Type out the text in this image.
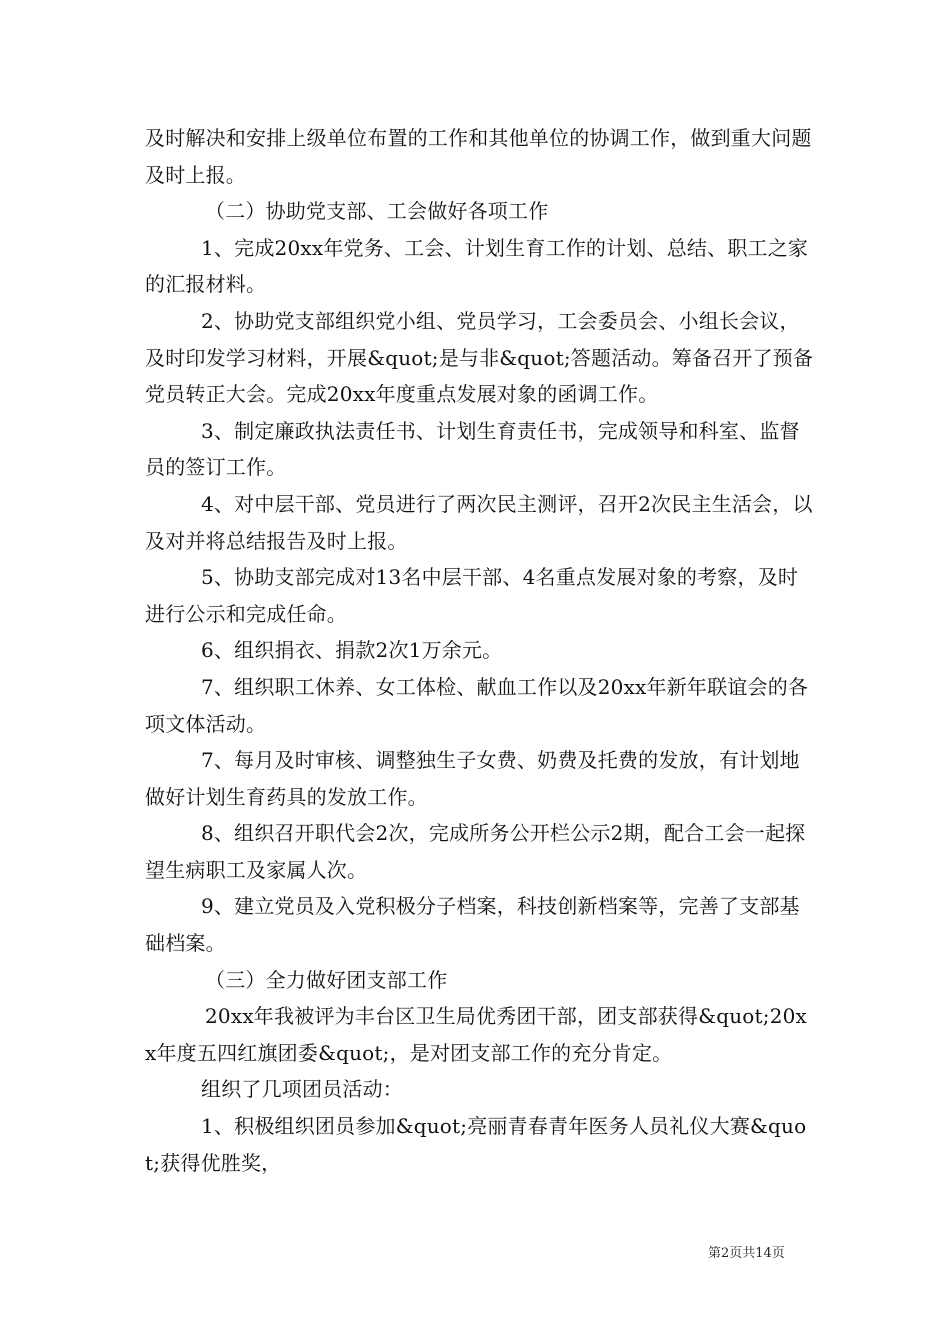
及时解决和安排上级单位布置的工作和其他单位的协调工作，做到重大问题及时上报。

（二）协助党支部、工会做好各项工作

1、完成20xx年党务、工会、计划生育工作的计划、总结、职工之家的汇报材料。

2、协助党支部组织党小组、党员学习，工会委员会、小组长会议，及时印发学习材料，开展&quot;是与非&quot;答题活动。筹备召开了预备党员转正大会。完成20xx年度重点发展对象的函调工作。

3、制定廉政执法责任书、计划生育责任书，完成领导和科室、监督员的签订工作。

4、对中层干部、党员进行了两次民主测评，召开2次民主生活会，以及对并将总结报告及时上报。

5、协助支部完成对13名中层干部、4名重点发展对象的考察，及时进行公示和完成任命。

6、组织捐衣、捐款2次1万余元。

7、组织职工休养、女工体检、献血工作以及20xx年新年联谊会的各项文体活动。

7、每月及时审核、调整独生子女费、奶费及托费的发放，有计划地做好计划生育药具的发放工作。

8、组织召开职代会2次，完成所务公开栏公示2期，配合工会一起探望生病职工及家属人次。

9、建立党员及入党积极分子档案，科技创新档案等，完善了支部基础档案。

（三）全力做好团支部工作

20xx年我被评为丰台区卫生局优秀团干部，团支部获得&quot;20xx年度五四红旗团委&quot;，是对团支部工作的充分肯定。

组织了几项团员活动：

1、积极组织团员参加&quot;亮丽青春青年医务人员礼仪大赛&quot;获得优胜奖，

第2页共14页
